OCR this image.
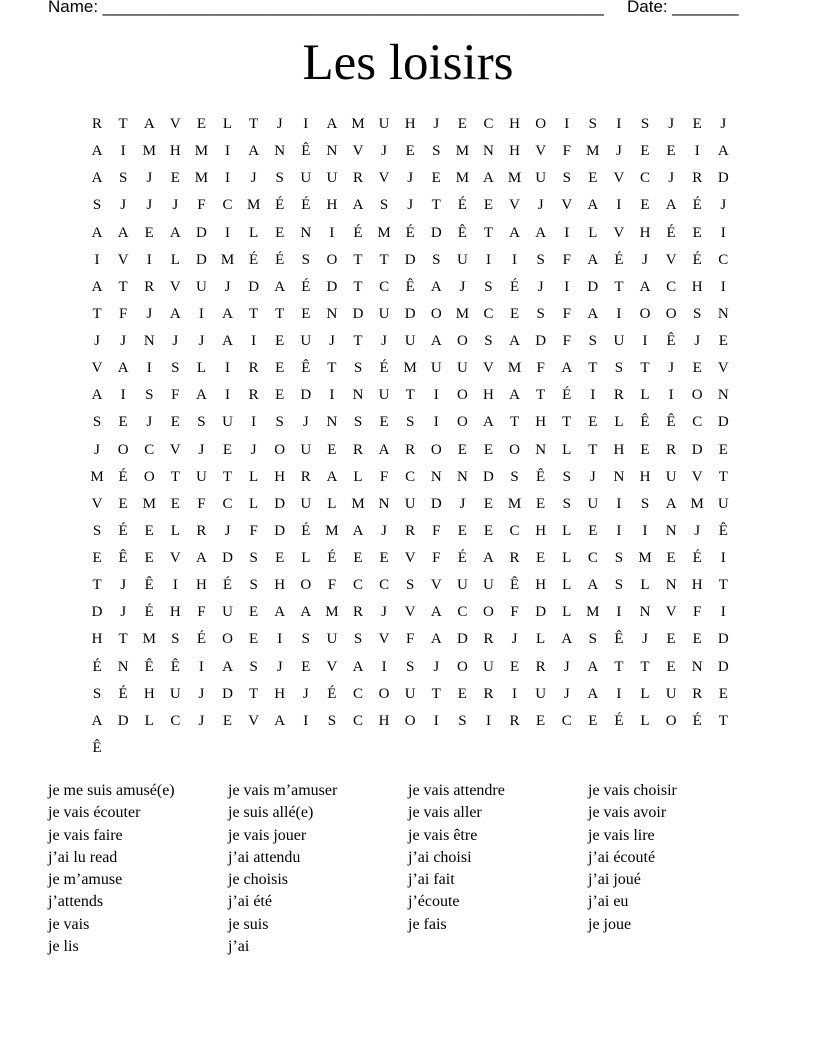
Name: _____________________________________________________ Date: _______
Les loisirs
R	T	A	V	E	L	T	J	I	A M U	H	J	E	C	H	O	I	S	I	S	J	E	J
A	I	M H M	I	A	N	Ê	N	V	J	E	S	M N	H	V	F	M	J	E	E	I	A
A	S	J	E M	I	J	S	U	U	R	V	J	E M A M U	S	E	V	C	J	R	D
S	J	J	J	F	C M É	É	H	A	S	J	T	É	E	V	J	V	A	I	E	A	É	J
A	A	E	A	D	I	L	E	N	I	É M É	D	Ê	T	A	A	I	L	V	H	É	E	I
I	V	I	L	D M É	É	S	O	T	T	D	S	U	I	I	S	F	A	É	J	V	É	C
A	T	R	V	U	J	D	A	É	D	T	C	Ê	A	J	S	É	J	I	D	T	A	C	H	I
T	F	J	A	I	A	T	T	E	N	D	U	D	O M C	E	S	F	A	I	O	O	S	N
J	J	N	J	J	A	I	E	U	J	T	J	U	A	O	S	A	D	F	S	U	I	Ê	J	E
V	A	I	S	L	I	R	E	Ê	T	S	É M U	U	V M	F	A	T	S	T	J	E	V
A	I	S	F	A	I	R	E	D	I	N	U	T	I	O	H	A	T	É	I	R	L	I	O	N
S	E	J	E	S	U	I	S	J	N	S	E	S	I	O	A	T	H	T	E	L	Ê	Ê	C	D
J	O	C	V	J	E	J	O	U	E	R	A	R	O	E	E	O	N	L	T	H	E	R	D	E
M É	O	T	U	T	L	H	R	A	L	F	C	N	N	D	S	Ê	S	J	N	H	U	V	T
V	E M E	F	C	L	D	U	L M N	U	D	J	E M E	S	U	I	S	A M U
S	É	E	L	R	J	F	D	É M A	J	R	F	E	E	C	H	L	E	I	I	N	J	Ê
E	Ê	E	V	A	D	S	E	L	É	E	E	V	F	É	A	R	E	L	C	S	M E	É	I
T	J	Ê	I	H	É	S	H	O	F	C	C	S	V	U	U	Ê	H	L	A	S	L	N	H	T
D	J	É	H	F	U	E	A	A M R	J	V	A	C	O	F	D	L M	I	N	V	F	I
H	T M	S	É	O	E	I	S	U	S	V	F	A	D	R	J	L	A	S	Ê	J	E	E	D
É	N	Ê	Ê	I	A	S	J	E	V	A	I	S	J	O	U	E	R	J	A	T	T	E	N	D
S	É	H	U	J	D	T	H	J	É	C	O	U	T	E	R	I	U	J	A	I	L	U	R	E
A	D	L	C	J	E	V	A	I	S	C	H	O	I	S	I	R	E	C	E	É	L	O	É	T
Ê
je me suis amusé(e)	je vais m’amuser	je vais attendre	je vais choisir
je vais écouter	je suis allé(e)	je vais aller	je vais avoir
je vais faire	je vais jouer	je vais être	je vais lire
j’ai lu read	j’ai attendu	j’ai choisi	j’ai écouté
je m’amuse	je choisis	j’ai fait	j’ai joué
j’attends	j’ai été	j’écoute	j’ai eu
je vais	je suis	je fais	je joue
je lis	j’ai
